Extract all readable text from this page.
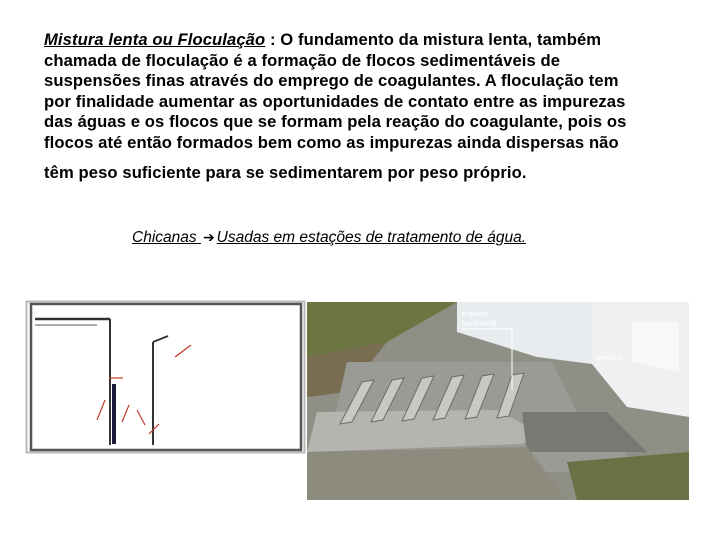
Mistura lenta ou Floculação : O fundamento da mistura lenta, também
chamada de floculação é a formação de flocos sedimentáveis de
suspensões finas através do emprego de coagulantes. A floculação tem
por finalidade aumentar as oportunidades de contato entre as impurezas
das águas e os flocos que se formam pela reação do coagulante, pois os
flocos até então formados bem como as impurezas ainda dispersas não
têm peso suficiente para se sedimentarem por peso próprio.
Chicanas ➔ Usadas em estações de tratamento de água.
espaço
horizontal
vertedor
